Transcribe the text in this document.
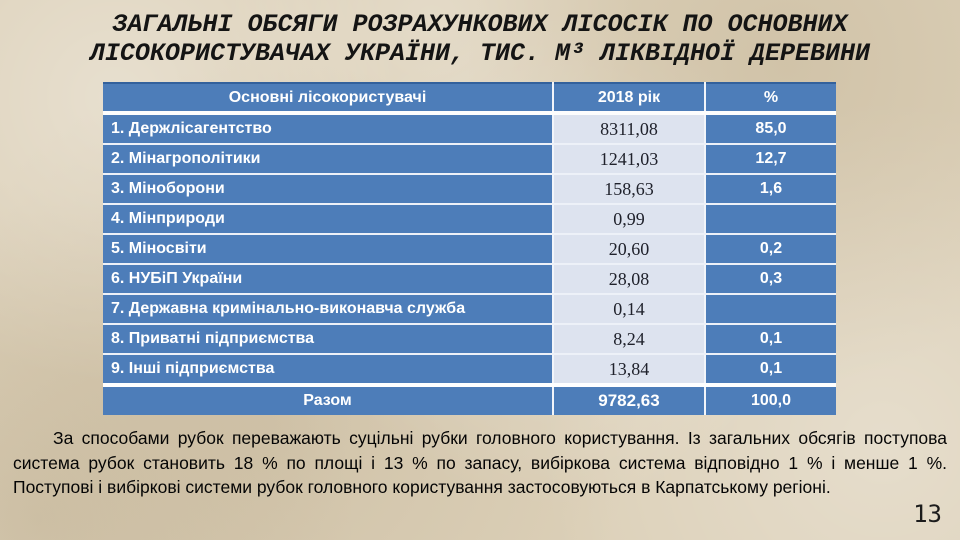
ЗАГАЛЬНІ ОБСЯГИ РОЗРАХУНКОВИХ ЛІСОСІК ПО ОСНОВНИХ
ЛІСОКОРИСТУВАЧАХ УКРАЇНИ, ТИС. М³ ЛІКВІДНОЇ ДЕРЕВИНИ
Основні лісокористувачі	2018 рік	%
1. Держлісагентство	8311,08	85,0
2. Мінагрополітики	1241,03	12,7
3. Міноборони	158,63	1,6
4. Мінприроди	0,99	
5. Міносвіти	20,60	0,2
6. НУБіП України	28,08	0,3
7. Державна кримінально-виконавча служба	0,14	
8. Приватні підприємства	8,24	0,1
9. Інші підприємства	13,84	0,1
Разом	9782,63	100,0
За способами рубок переважають суцільні рубки головного користування. Із загальних обсягів поступова система рубок становить 18 % по площі і 13 % по запасу, вибіркова система відповідно 1 % і менше 1 %. Поступові і вибіркові системи рубок головного користування застосовуються в Карпатському регіоні.
13
